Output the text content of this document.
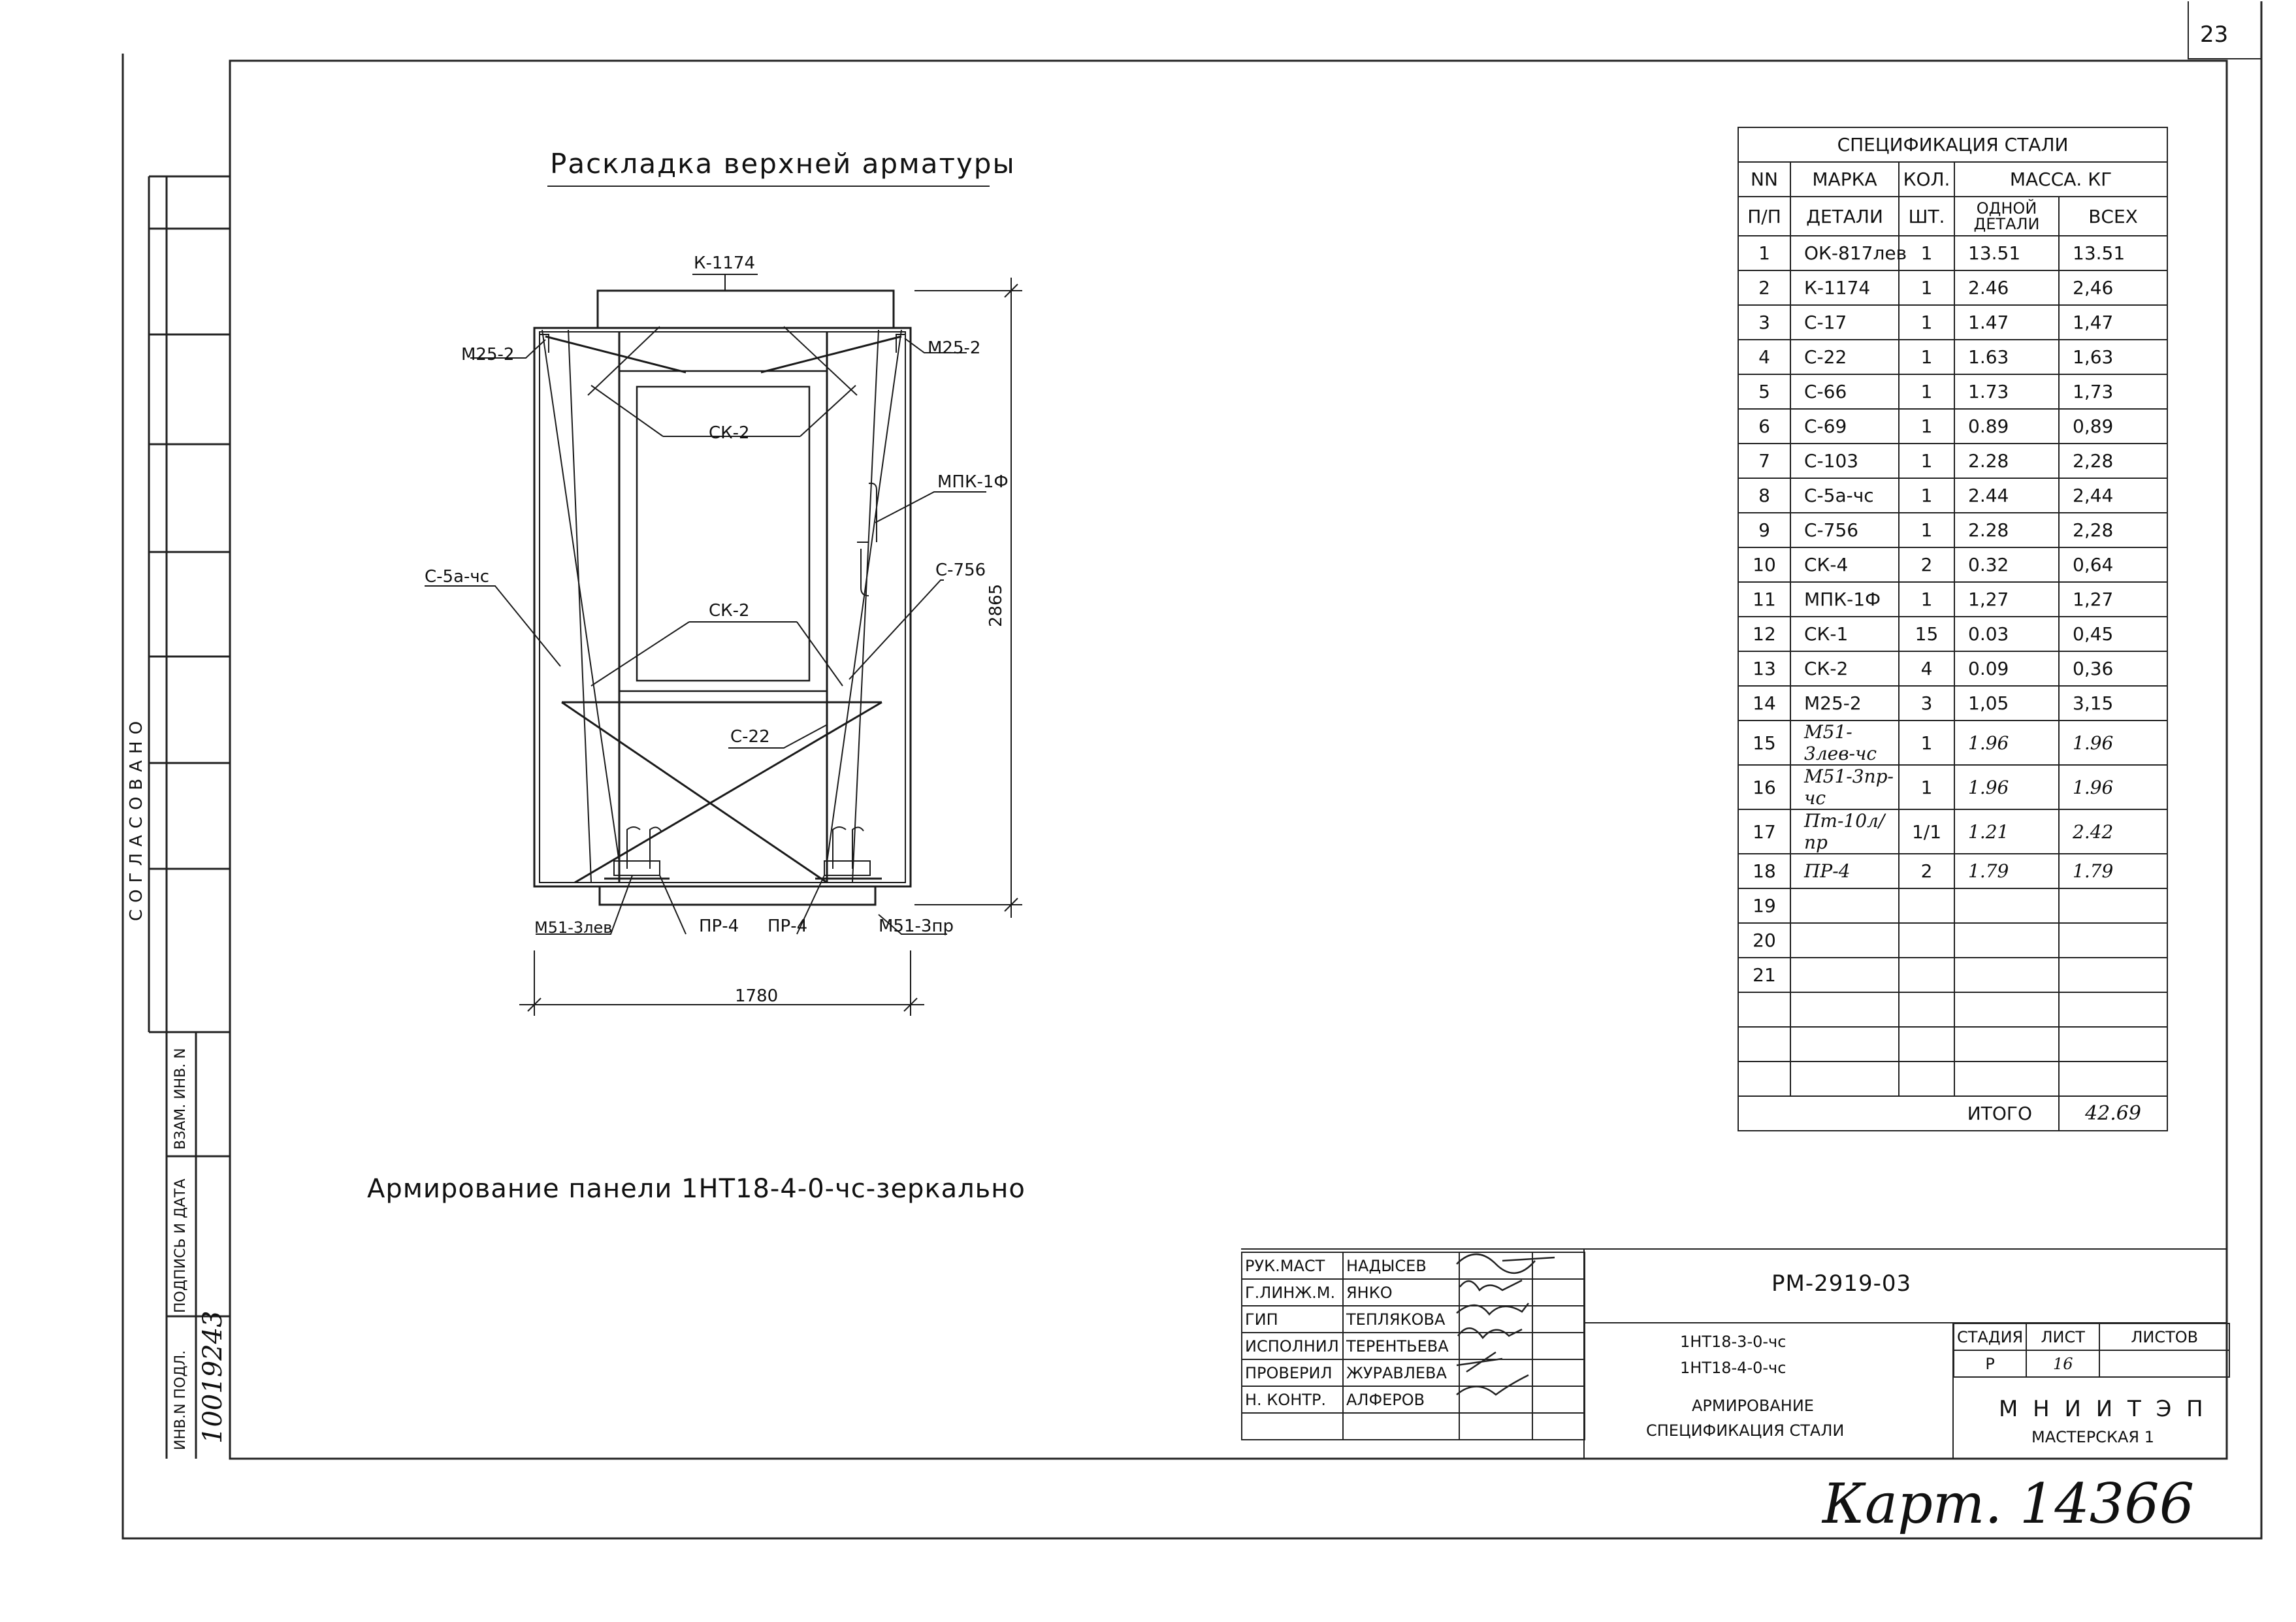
23
Раскладка верхней арматуры
К-1174
М25-2	М25-2
СК-2
МПК-1Ф
С-756
С-5а-чс
СК-2
С-22
М51-3лев	ПР-4 ПР-4	М51-3пр
1780
2865
Армирование панели 1НТ18-4-0-чс-зеркально
СОГЛАСОВАНО
ВЗАМ. ИНВ. N
ПОДПИСЬ И ДАТА
ИНВ.N ПОДЛ. 10019243
СПЕЦИФИКАЦИЯ СТАЛИ				
NN	МАРКА	КОЛ.	МАССА. КГ	
П/П	ДЕТАЛИ	ШТ.	ОДНОЙ ДЕТАЛИ	ВСЕХ
1	ОК-817лев	1	13.51	13.51
2	К-1174	1	2.46	2,46
3	С-17	1	1.47	1,47
4	С-22	1	1.63	1,63
5	С-66	1	1.73	1,73
6	С-69	1	0.89	0,89
7	С-103	1	2.28	2,28
8	С-5а-чс	1	2.44	2,44
9	С-756	1	2.28	2,28
10	СК-4	2	0.32	0,64
11	МПК-1Ф	1	1,27	1,27
12	СК-1	15	0.03	0,45
13	СК-2	4	0.09	0,36
14	М25-2	3	1,05	3,15
15	М51-3лев-чс	1	1.96	1.96
16	М51-3пр-чс	1	1.96	1.96
17	Пт-10л/пр	1/1	1.21	2.42
18	ПР-4	2	1.79	1.79
19				
20				
21				

ИТОГО				42.69
РУК.МАСТ	НАДЫСЕВ		
Г.ЛИНЖ.М.	ЯНКО		
ГИП	ТЕПЛЯКОВА		
ИСПОЛНИЛ	ТЕРЕНТЬЕВА		
ПРОВЕРИЛ	ЖУРАВЛЕВА		
Н. КОНТР.	АЛФЕРОВ		

РМ-2919-03
1НТ18-3-0-чс
1НТ18-4-0-чс
АРМИРОВАНИЕ
СПЕЦИФИКАЦИЯ СТАЛИ
СТАДИЯ	ЛИСТ	ЛИСТОВ
Р	16	
М Н И И Т Э П
МАСТЕРСКАЯ 1
Карт. 14366
